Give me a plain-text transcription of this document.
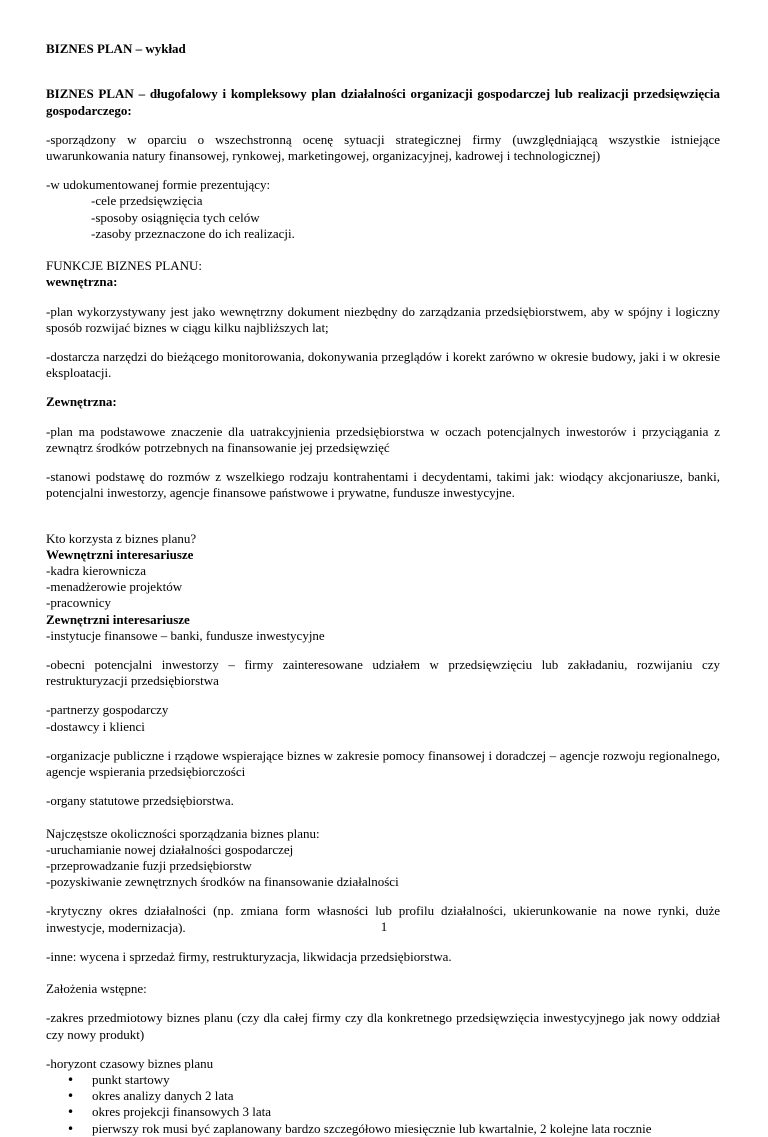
BIZNES PLAN – wykład

BIZNES PLAN – długofalowy i kompleksowy plan działalności organizacji gospodarczej lub realizacji przedsięwzięcia gospodarczego:

-sporządzony w oparciu o wszechstronną ocenę sytuacji strategicznej firmy (uwzględniającą wszystkie istniejące uwarunkowania natury finansowej, rynkowej, marketingowej, organizacyjnej, kadrowej i technologicznej)

-w udokumentowanej formie prezentujący:

-cele przedsięwzięcia

-sposoby osiągnięcia tych celów

-zasoby przeznaczone do ich realizacji.

FUNKCJE BIZNES PLANU:

wewnętrzna:

-plan wykorzystywany jest jako wewnętrzny dokument niezbędny do zarządzania przedsiębiorstwem, aby w spójny i logiczny sposób rozwijać biznes w ciągu kilku najbliższych lat;

-dostarcza narzędzi do bieżącego monitorowania, dokonywania przeglądów i korekt zarówno w okresie budowy, jaki i w okresie eksploatacji.

Zewnętrzna:

-plan ma podstawowe znaczenie dla uatrakcyjnienia przedsiębiorstwa w oczach potencjalnych inwestorów i przyciągania z zewnątrz środków potrzebnych na finansowanie jej przedsięwzięć

-stanowi podstawę do rozmów z wszelkiego rodzaju kontrahentami i decydentami, takimi jak: wiodący akcjonariusze, banki, potencjalni inwestorzy, agencje finansowe państwowe i prywatne, fundusze inwestycyjne.

Kto korzysta z biznes planu?

Wewnętrzni interesariusze

-kadra kierownicza

-menadżerowie projektów

-pracownicy

Zewnętrzni interesariusze

-instytucje finansowe – banki, fundusze inwestycyjne

-obecni potencjalni inwestorzy – firmy zainteresowane udziałem w przedsięwzięciu lub zakładaniu, rozwijaniu czy restrukturyzacji przedsiębiorstwa

-partnerzy gospodarczy

-dostawcy i klienci

-organizacje publiczne i rządowe wspierające biznes w zakresie pomocy finansowej i doradczej – agencje rozwoju regionalnego, agencje wspierania przedsiębiorczości

-organy statutowe przedsiębiorstwa.

Najczęstsze okoliczności sporządzania biznes planu:

-uruchamianie nowej działalności gospodarczej

-przeprowadzanie fuzji przedsiębiorstw

-pozyskiwanie zewnętrznych środków na finansowanie działalności

-krytyczny okres działalności (np. zmiana form własności lub profilu działalności, ukierunkowanie na nowe rynki, duże inwestycje, modernizacja).

-inne: wycena i sprzedaż firmy, restrukturyzacja, likwidacja przedsiębiorstwa.

Założenia wstępne:

-zakres przedmiotowy biznes planu (czy dla całej firmy czy dla konkretnego przedsięwzięcia inwestycyjnego jak nowy oddział czy nowy produkt)

-horyzont czasowy biznes planu

• punkt startowy
• okres analizy danych 2 lata
• okres projekcji finansowych 3 lata
• pierwszy rok musi być zaplanowany bardzo szczegółowo miesięcznie lub kwartalnie, 2 kolejne lata rocznie
1
